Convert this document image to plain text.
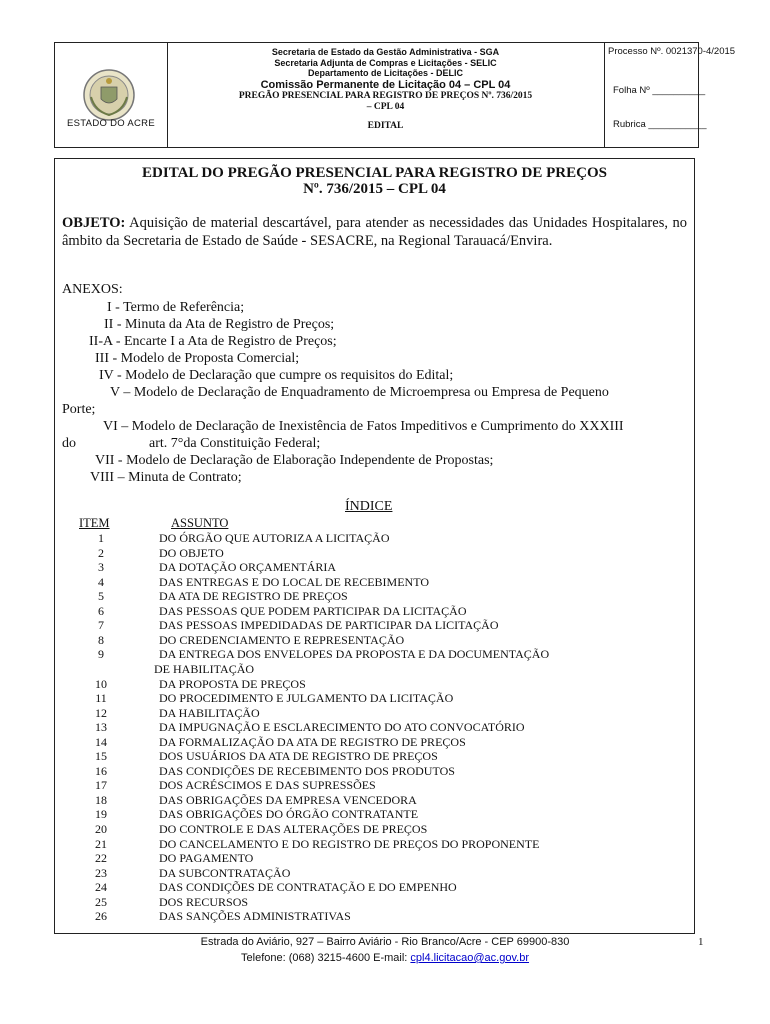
ESTADO DO ACRE
Secretaria de Estado da Gestão Administrativa - SGA
Secretaria Adjunta de Compras e Licitações - SELIC
Departamento de Licitações - DELIC
Comissão Permanente de Licitação 04 – CPL 04
PREGÃO PRESENCIAL PARA REGISTRO DE PREÇOS Nº. 736/2015
– CPL 04
EDITAL
Processo Nº. 0021370-4/2015
Folha Nº __________
Rubrica ___________
EDITAL DO PREGÃO PRESENCIAL PARA REGISTRO DE PREÇOS
Nº. 736/2015 – CPL 04
OBJETO: Aquisição de material descartável, para atender as necessidades das Unidades Hospitalares, no âmbito da Secretaria de Estado de Saúde - SESACRE, na Regional Tarauacá/Envira.
ANEXOS:
I - Termo de Referência;
II - Minuta da Ata de Registro de Preços;
II-A - Encarte I a Ata de Registro de Preços;
III - Modelo de Proposta Comercial;
IV - Modelo de Declaração que cumpre os requisitos do Edital;
V – Modelo de Declaração de Enquadramento de Microempresa ou Empresa de Pequeno
Porte;
VI – Modelo de Declaração de Inexistência de Fatos Impeditivos e Cumprimento do XXXIII
do	art. 7°da Constituição Federal;
VII - Modelo de Declaração de Elaboração Independente de Propostas;
VIII – Minuta de Contrato;
ÍNDICE
ITEM	ASSUNTO
1	DO ÓRGÃO QUE AUTORIZA A LICITAÇÃO
2	DO OBJETO
3	DA DOTAÇÃO ORÇAMENTÁRIA
4	DAS ENTREGAS E DO LOCAL DE RECEBIMENTO
5	DA ATA DE REGISTRO DE PREÇOS
6	DAS PESSOAS QUE PODEM PARTICIPAR DA LICITAÇÃO
7	DAS PESSOAS IMPEDIDADAS DE PARTICIPAR DA LICITAÇÃO
8	DO CREDENCIAMENTO E REPRESENTAÇÃO
9	DA ENTREGA DOS ENVELOPES DA PROPOSTA E DA DOCUMENTAÇÃO
DE HABILITAÇÃO
10	DA PROPOSTA DE PREÇOS
11	DO PROCEDIMENTO E JULGAMENTO DA LICITAÇÃO
12	DA HABILITAÇÃO
13	DA IMPUGNAÇÃO E ESCLARECIMENTO DO ATO CONVOCATÓRIO
14	DA FORMALIZAÇÃO DA ATA DE REGISTRO DE PREÇOS
15	DOS USUÁRIOS DA ATA DE REGISTRO DE PREÇOS
16	DAS CONDIÇÕES DE RECEBIMENTO DOS PRODUTOS
17	DOS ACRÉSCIMOS E DAS SUPRESSÕES
18	DAS OBRIGAÇÕES DA EMPRESA VENCEDORA
19	DAS OBRIGAÇÕES DO ÓRGÃO CONTRATANTE
20	DO CONTROLE E DAS ALTERAÇÕES DE PREÇOS
21	DO CANCELAMENTO E DO REGISTRO DE PREÇOS DO PROPONENTE
22	DO PAGAMENTO
23	DA SUBCONTRATAÇÃO
24	DAS CONDIÇÕES DE CONTRATAÇÃO E DO EMPENHO
25	DOS RECURSOS
26	DAS SANÇÕES ADMINISTRATIVAS
Estrada do Aviário, 927 – Bairro Aviário - Rio Branco/Acre - CEP 69900-830
Telefone: (068) 3215-4600 E-mail: cpl4.licitacao@ac.gov.br
1
